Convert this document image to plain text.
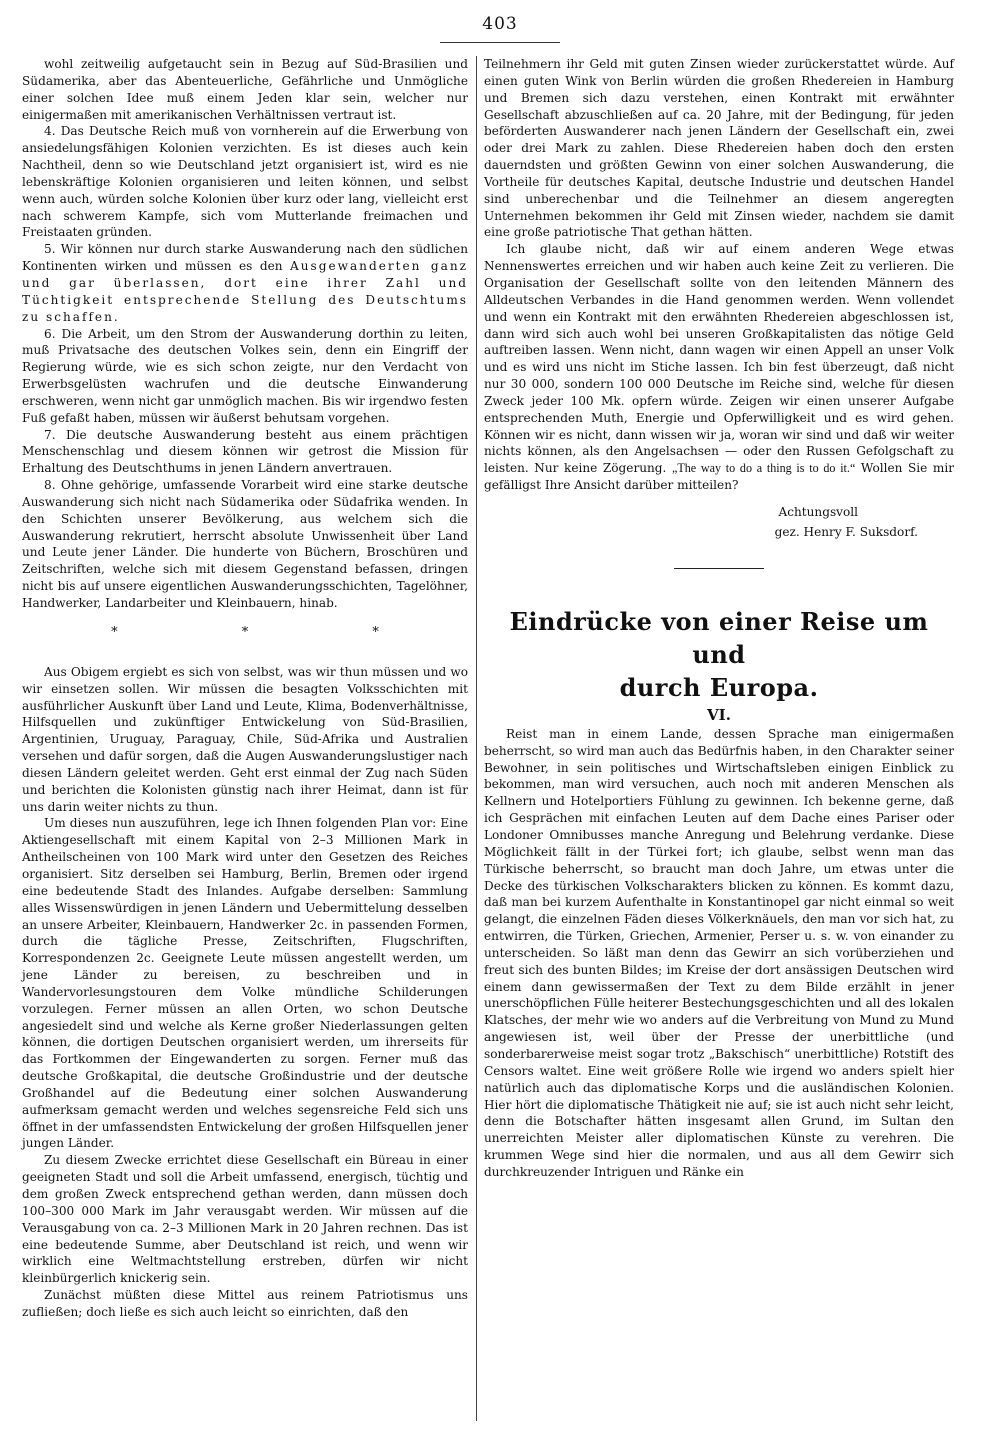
403

wohl zeitweilig aufgetaucht sein in Bezug auf Süd-Brasilien und Südamerika, aber das Abenteuerliche, Gefährliche und Unmögliche einer solchen Idee muß einem Jeden klar sein, welcher nur einigermaßen mit amerikanischen Verhältnissen vertraut ist.

4. Das Deutsche Reich muß von vornherein auf die Erwerbung von ansiedelungsfähigen Kolonien verzichten. Es ist dieses auch kein Nachtheil, denn so wie Deutschland jetzt organisiert ist, wird es nie lebenskräftige Kolonien organisieren und leiten können, und selbst wenn auch, würden solche Kolonien über kurz oder lang, vielleicht erst nach schwerem Kampfe, sich vom Mutterlande freimachen und Freistaaten gründen.

5. Wir können nur durch starke Auswanderung nach den südlichen Kontinenten wirken und müssen es den Ausgewanderten ganz und gar überlassen, dort eine ihrer Zahl und Tüchtigkeit entsprechende Stellung des Deutschtums zu schaffen.

6. Die Arbeit, um den Strom der Auswanderung dorthin zu leiten, muß Privatsache des deutschen Volkes sein, denn ein Eingriff der Regierung würde, wie es sich schon zeigte, nur den Verdacht von Erwerbsgelüsten wachrufen und die deutsche Einwanderung erschweren, wenn nicht gar unmöglich machen. Bis wir irgendwo festen Fuß gefaßt haben, müssen wir äußerst behutsam vorgehen.

7. Die deutsche Auswanderung besteht aus einem prächtigen Menschenschlag und diesem können wir getrost die Mission für Erhaltung des Deutschthums in jenen Ländern anvertrauen.

8. Ohne gehörige, umfassende Vorarbeit wird eine starke deutsche Auswanderung sich nicht nach Südamerika oder Südafrika wenden. In den Schichten unserer Bevölkerung, aus welchem sich die Auswanderung rekrutiert, herrscht absolute Unwissenheit über Land und Leute jener Länder. Die hunderte von Büchern, Broschüren und Zeitschriften, welche sich mit diesem Gegenstand befassen, dringen nicht bis auf unsere eigentlichen Auswanderungsschichten, Tagelöhner, Handwerker, Landarbeiter und Kleinbauern, hinab.

* * *

Aus Obigem ergiebt es sich von selbst, was wir thun müssen und wo wir einsetzen sollen. Wir müssen die besagten Volksschichten mit ausführlicher Auskunft über Land und Leute, Klima, Bodenverhältnisse, Hilfsquellen und zukünftiger Entwickelung von Süd-Brasilien, Argentinien, Uruguay, Paraguay, Chile, Süd-Afrika und Australien versehen und dafür sorgen, daß die Augen Auswanderungslustiger nach diesen Ländern geleitet werden. Geht erst einmal der Zug nach Süden und berichten die Kolonisten günstig nach ihrer Heimat, dann ist für uns darin weiter nichts zu thun.

Um dieses nun auszuführen, lege ich Ihnen folgenden Plan vor: Eine Aktiengesellschaft mit einem Kapital von 2–3 Millionen Mark in Antheilscheinen von 100 Mark wird unter den Gesetzen des Reiches organisiert. Sitz derselben sei Hamburg, Berlin, Bremen oder irgend eine bedeutende Stadt des Inlandes. Aufgabe derselben: Sammlung alles Wissenswürdigen in jenen Ländern und Uebermittelung desselben an unsere Arbeiter, Kleinbauern, Handwerker 2c. in passenden Formen, durch die tägliche Presse, Zeitschriften, Flugschriften, Korrespondenzen 2c. Geeignete Leute müssen angestellt werden, um jene Länder zu bereisen, zu beschreiben und in Wandervorlesungstouren dem Volke mündliche Schilderungen vorzulegen. Ferner müssen an allen Orten, wo schon Deutsche angesiedelt sind und welche als Kerne großer Niederlassungen gelten können, die dortigen Deutschen organisiert werden, um ihrerseits für das Fortkommen der Eingewanderten zu sorgen. Ferner muß das deutsche Großkapital, die deutsche Großindustrie und der deutsche Großhandel auf die Bedeutung einer solchen Auswanderung aufmerksam gemacht werden und welches segensreiche Feld sich uns öffnet in der umfassendsten Entwickelung der großen Hilfsquellen jener jungen Länder.

Zu diesem Zwecke errichtet diese Gesellschaft ein Büreau in einer geeigneten Stadt und soll die Arbeit umfassend, energisch, tüchtig und dem großen Zweck entsprechend gethan werden, dann müssen doch 100–300 000 Mark im Jahr verausgabt werden. Wir müssen auf die Verausgabung von ca. 2–3 Millionen Mark in 20 Jahren rechnen. Das ist eine bedeutende Summe, aber Deutschland ist reich, und wenn wir wirklich eine Weltmachtstellung erstreben, dürfen wir nicht kleinbürgerlich knickerig sein.

Zunächst müßten diese Mittel aus reinem Patriotismus uns zufließen; doch ließe es sich auch leicht so einrichten, daß den

Teilnehmern ihr Geld mit guten Zinsen wieder zurückerstattet würde. Auf einen guten Wink von Berlin würden die großen Rhedereien in Hamburg und Bremen sich dazu verstehen, einen Kontrakt mit erwähnter Gesellschaft abzuschließen auf ca. 20 Jahre, mit der Bedingung, für jeden beförderten Auswanderer nach jenen Ländern der Gesellschaft ein, zwei oder drei Mark zu zahlen. Diese Rhedereien haben doch den ersten dauerndsten und größten Gewinn von einer solchen Auswanderung, die Vortheile für deutsches Kapital, deutsche Industrie und deutschen Handel sind unberechenbar und die Teilnehmer an diesem angeregten Unternehmen bekommen ihr Geld mit Zinsen wieder, nachdem sie damit eine große patriotische That gethan hätten.

Ich glaube nicht, daß wir auf einem anderen Wege etwas Nennenswertes erreichen und wir haben auch keine Zeit zu verlieren. Die Organisation der Gesellschaft sollte von den leitenden Männern des Alldeutschen Verbandes in die Hand genommen werden. Wenn vollendet und wenn ein Kontrakt mit den erwähnten Rhedereien abgeschlossen ist, dann wird sich auch wohl bei unseren Großkapitalisten das nötige Geld auftreiben lassen. Wenn nicht, dann wagen wir einen Appell an unser Volk und es wird uns nicht im Stiche lassen. Ich bin fest überzeugt, daß nicht nur 30 000, sondern 100 000 Deutsche im Reiche sind, welche für diesen Zweck jeder 100 Mk. opfern würde. Zeigen wir einen unserer Aufgabe entsprechenden Muth, Energie und Opferwilligkeit und es wird gehen. Können wir es nicht, dann wissen wir ja, woran wir sind und daß wir weiter nichts können, als den Angelsachsen — oder den Russen Gefolgschaft zu leisten. Nur keine Zögerung. „The way to do a thing is to do it.“ Wollen Sie mir gefälligst Ihre Ansicht darüber mitteilen?

Achtungsvoll
gez. Henry F. Suksdorf.
Eindrücke von einer Reise um und
durch Europa.
VI.

Reist man in einem Lande, dessen Sprache man einigermaßen beherrscht, so wird man auch das Bedürfnis haben, in den Charakter seiner Bewohner, in sein politisches und Wirtschaftsleben einigen Einblick zu bekommen, man wird versuchen, auch noch mit anderen Menschen als Kellnern und Hotelportiers Fühlung zu gewinnen. Ich bekenne gerne, daß ich Gesprächen mit einfachen Leuten auf dem Dache eines Pariser oder Londoner Omnibusses manche Anregung und Belehrung verdanke. Diese Möglichkeit fällt in der Türkei fort; ich glaube, selbst wenn man das Türkische beherrscht, so braucht man doch Jahre, um etwas unter die Decke des türkischen Volkscharakters blicken zu können. Es kommt dazu, daß man bei kurzem Aufenthalte in Konstantinopel gar nicht einmal so weit gelangt, die einzelnen Fäden dieses Völkerknäuels, den man vor sich hat, zu entwirren, die Türken, Griechen, Armenier, Perser u. s. w. von einander zu unterscheiden. So läßt man denn das Gewirr an sich vorüberziehen und freut sich des bunten Bildes; im Kreise der dort ansässigen Deutschen wird einem dann gewissermaßen der Text zu dem Bilde erzählt in jener unerschöpflichen Fülle heiterer Bestechungsgeschichten und all des lokalen Klatsches, der mehr wie wo anders auf die Verbreitung von Mund zu Mund angewiesen ist, weil über der Presse der unerbittliche (und sonderbarerweise meist sogar trotz „Bakschisch“ unerbittliche) Rotstift des Censors waltet. Eine weit größere Rolle wie irgend wo anders spielt hier natürlich auch das diplomatische Korps und die ausländischen Kolonien. Hier hört die diplomatische Thätigkeit nie auf; sie ist auch nicht sehr leicht, denn die Botschafter hätten insgesamt allen Grund, im Sultan den unerreichten Meister aller diplomatischen Künste zu verehren. Die krummen Wege sind hier die normalen, und aus all dem Gewirr sich durchkreuzender Intriguen und Ränke ein
